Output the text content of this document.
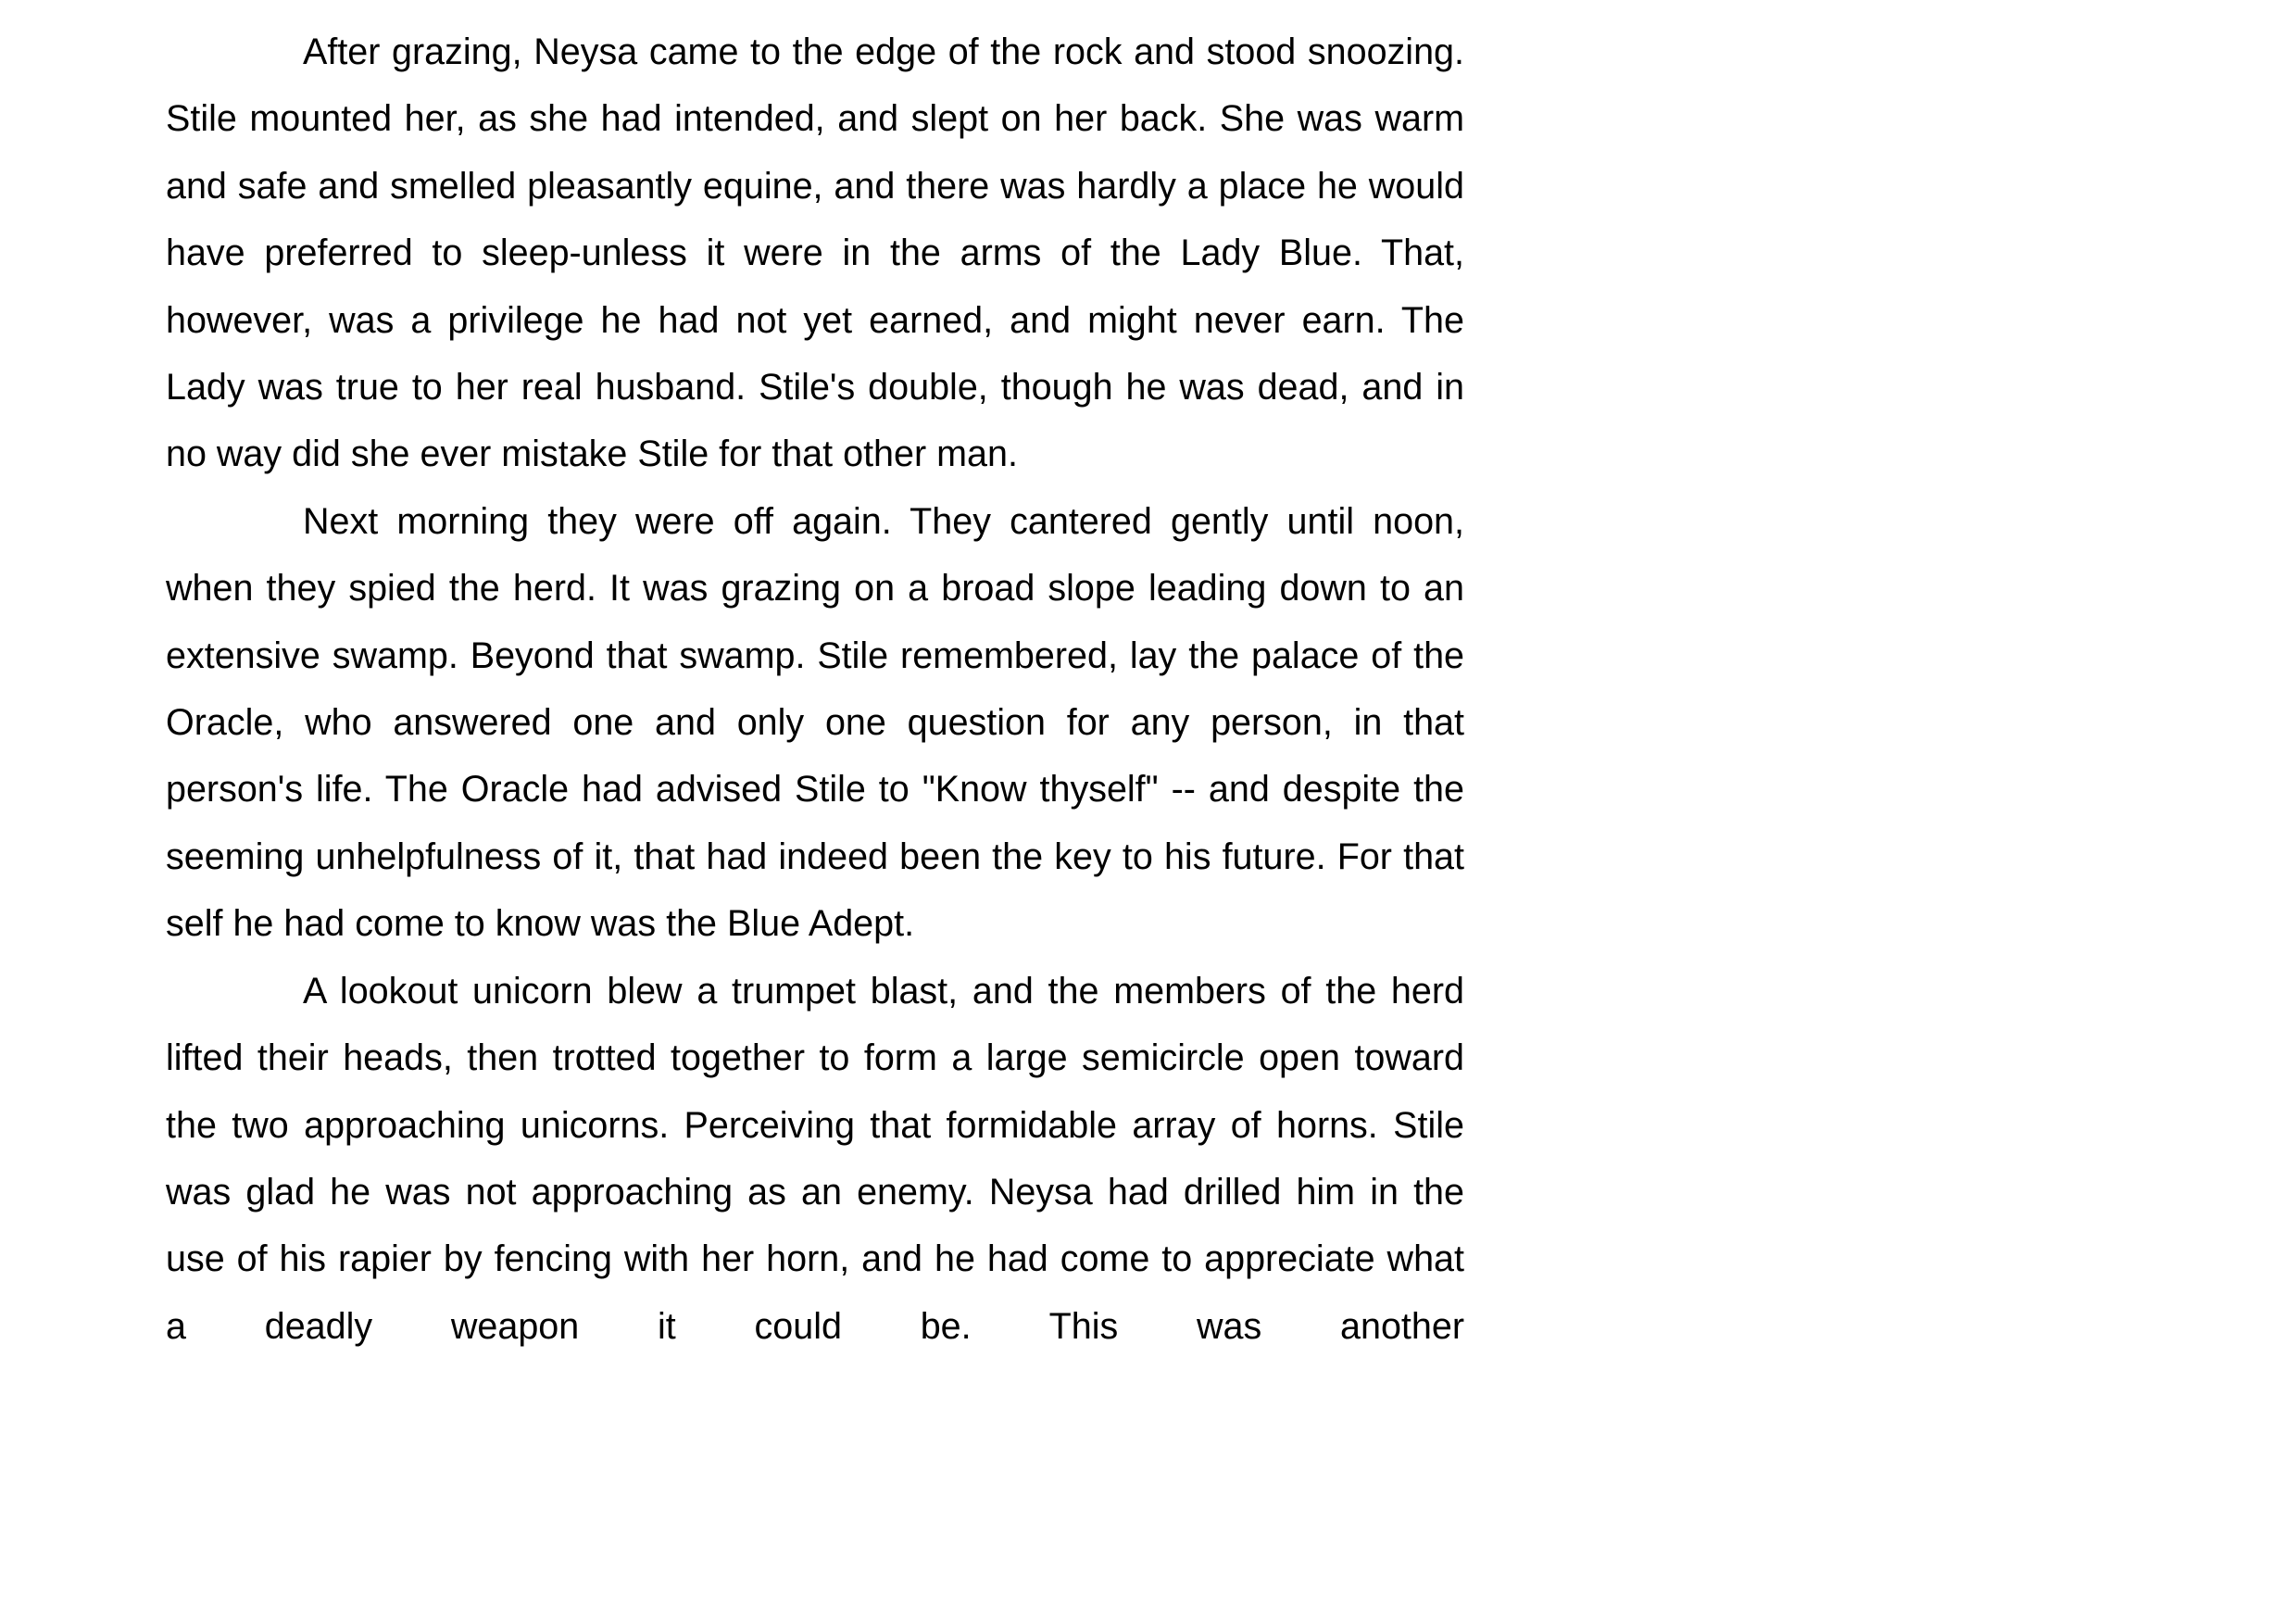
After grazing, Neysa came to the edge of the rock and stood snoozing. Stile mounted her, as she had intended, and slept on her back. She was warm and safe and smelled pleasantly equine, and there was hardly a place he would have preferred to sleep-unless it were in the arms of the Lady Blue. That, however, was a privilege he had not yet earned, and might never earn. The Lady was true to her real husband. Stile's double, though he was dead, and in no way did she ever mistake Stile for that other man.

Next morning they were off again. They cantered gently until noon, when they spied the herd. It was grazing on a broad slope leading down to an extensive swamp. Beyond that swamp. Stile remembered, lay the palace of the Oracle, who answered one and only one question for any person, in that person's life. The Oracle had advised Stile to "Know thyself" -- and despite the seeming unhelpfulness of it, that had indeed been the key to his future. For that self he had come to know was the Blue Adept.

A lookout unicorn blew a trumpet blast, and the members of the herd lifted their heads, then trotted together to form a large semicircle open toward the two approaching unicorns. Perceiving that formidable array of horns. Stile was glad he was not approaching as an enemy. Neysa had drilled him in the use of his rapier by fencing with her horn, and he had come to appreciate what a deadly weapon it could be. This was another
